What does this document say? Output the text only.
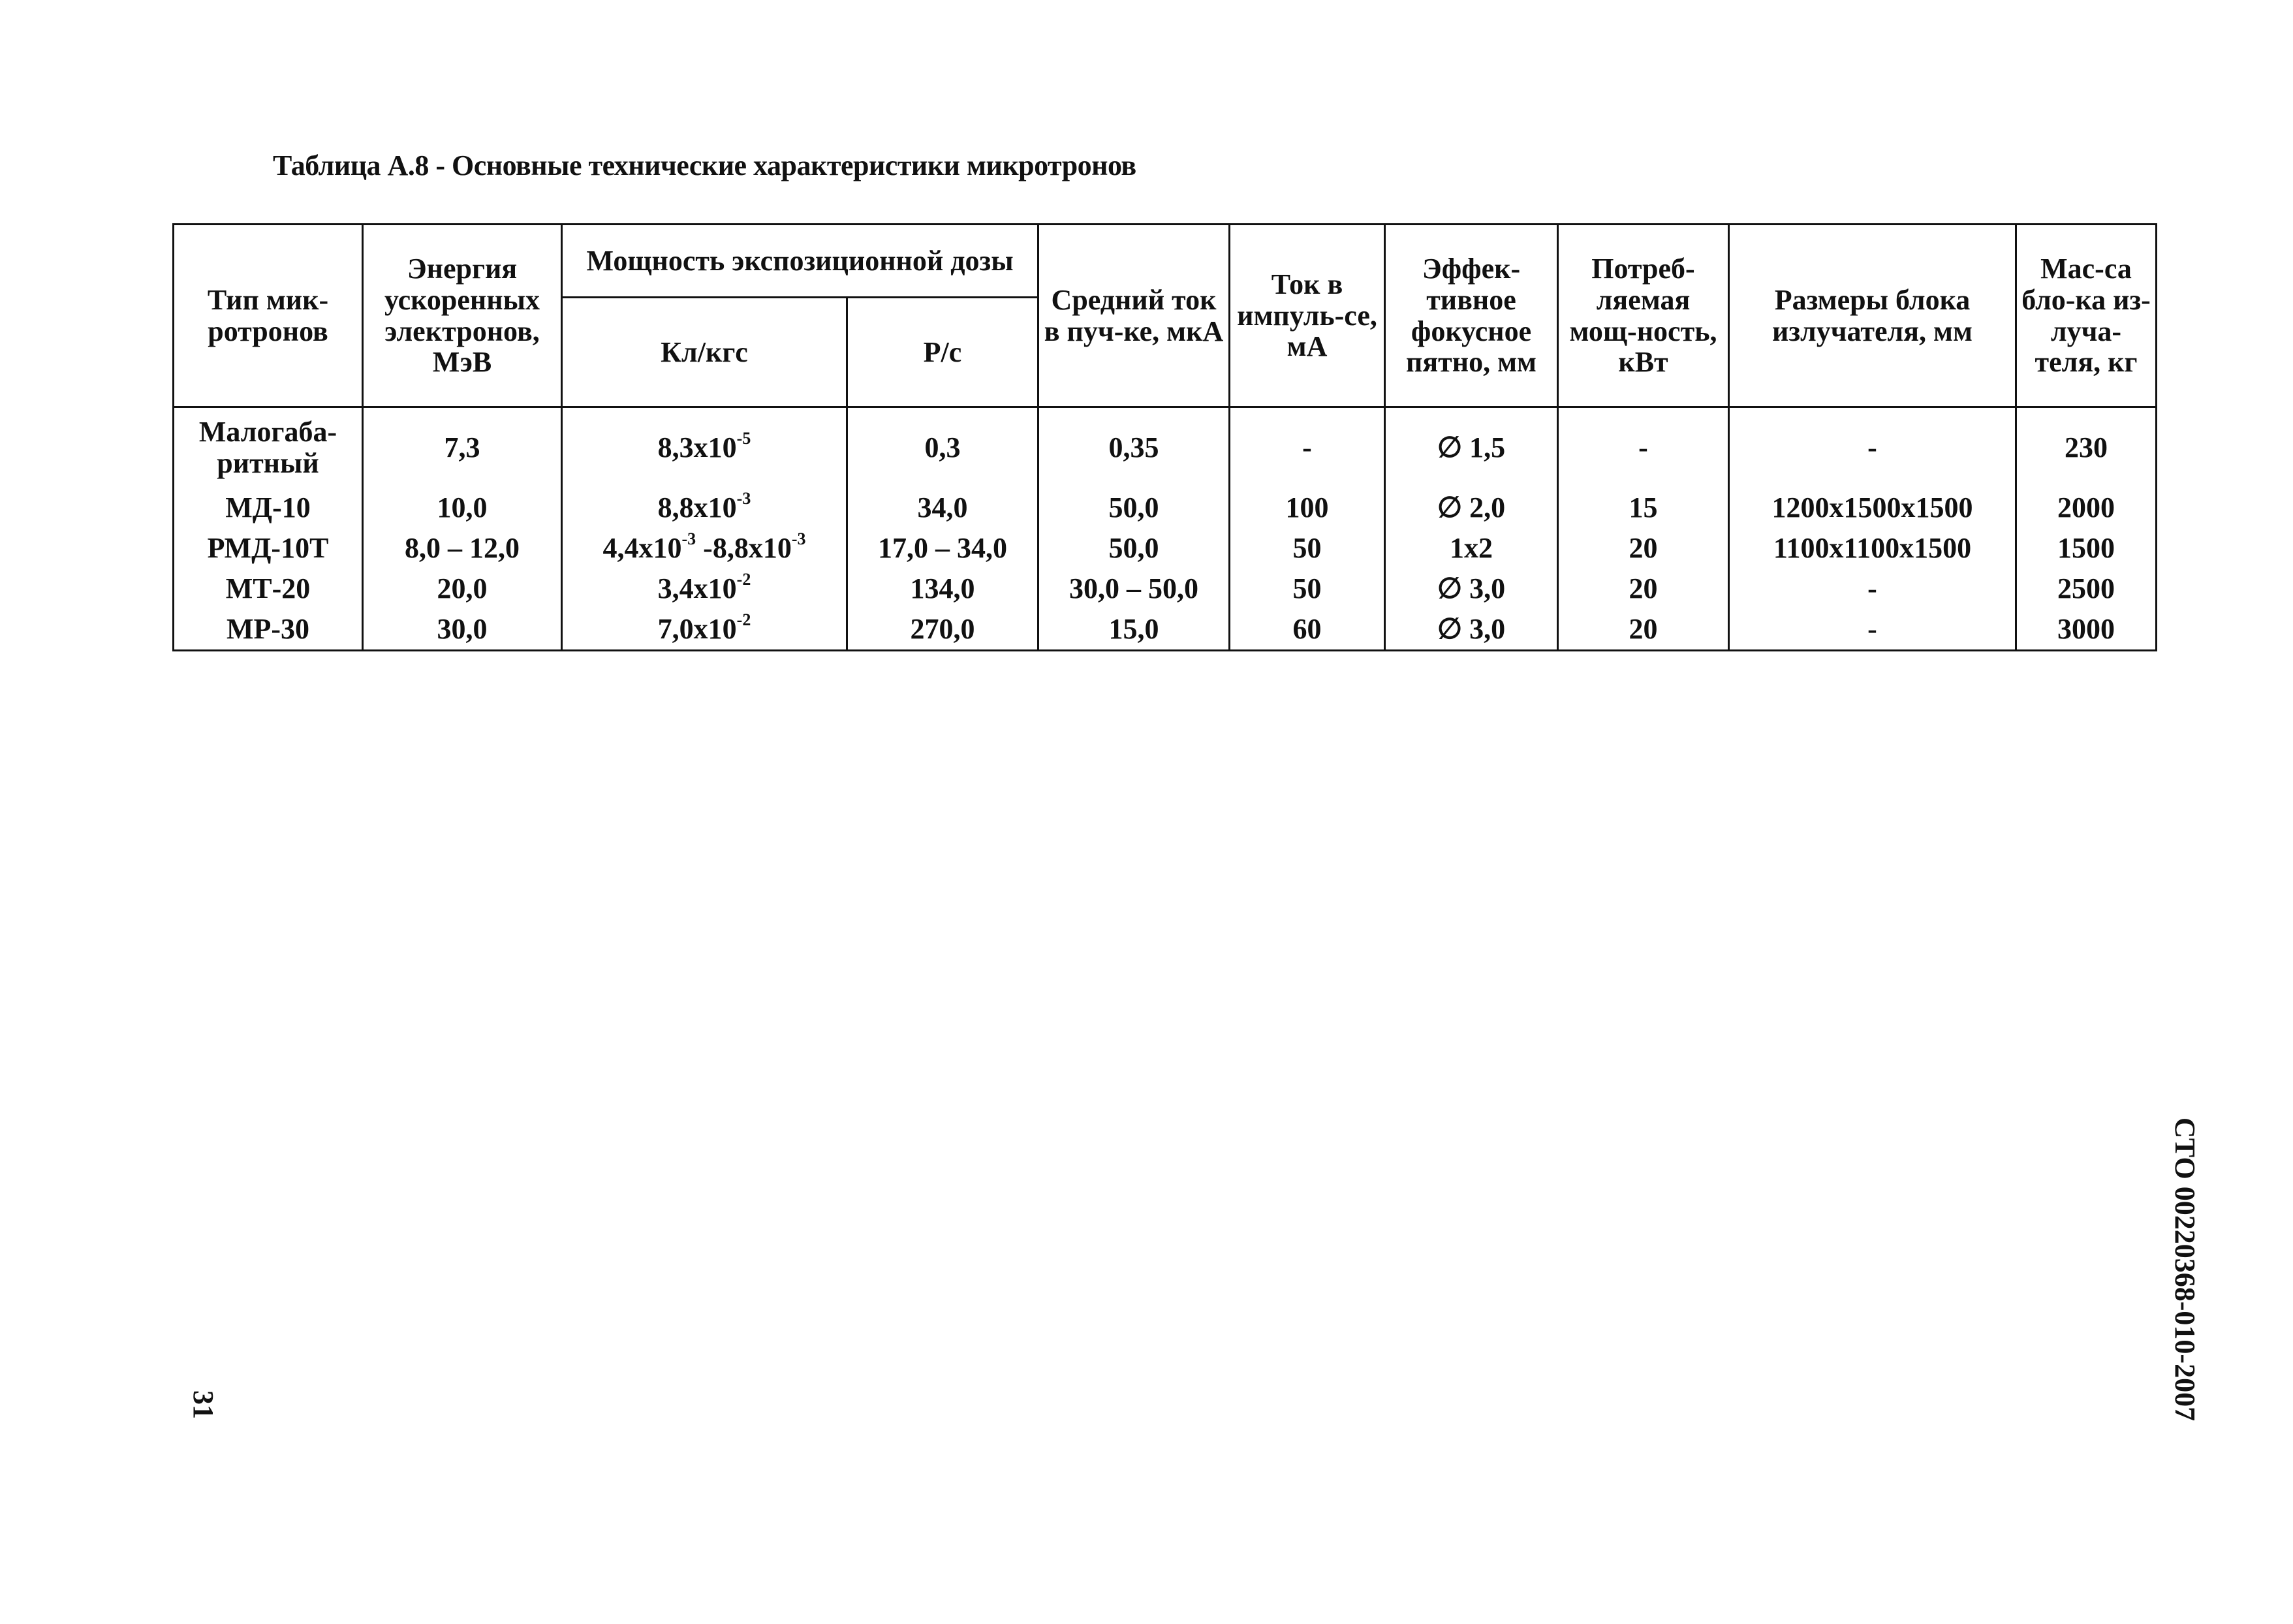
Таблица А.8 - Основные технические характеристики микротронов
Тип мик-ротронов	Энергия ускоренных электронов, МэВ	Мощность экспозиционной дозы		Средний ток в пуч-ке, мкА	Ток в импуль-се, мА	Эффек-тивное фокусное пятно, мм	Потреб-ляемая мощ-ность, кВт	Размеры блока излучателя, мм	Мас-са бло-ка из-луча-теля, кг
		Кл/кгс	Р/с						
Малогаба-ритный	7,3	$8,3x10^{-5}$	0,3	0,35	-	∅ 1,5	-	-	230
МД-10	10,0	$8,8x10^{-3}$	34,0	50,0	100	∅ 2,0	15	1200x1500x1500	2000
РМД-10Т	8,0 – 12,0	$4,4x10^{-3}$ $-8,8x10^{-3}$	17,0 – 34,0	50,0	50	1x2	20	1100x1100x1500	1500
МТ-20	20,0	$3,4x10^{-2}$	134,0	30,0 – 50,0	50	∅ 3,0	20	-	2500
МР-30	30,0	$7,0x10^{-2}$	270,0	15,0	60	∅ 3,0	20	-	3000
СТО 00220368-010-2007
31
